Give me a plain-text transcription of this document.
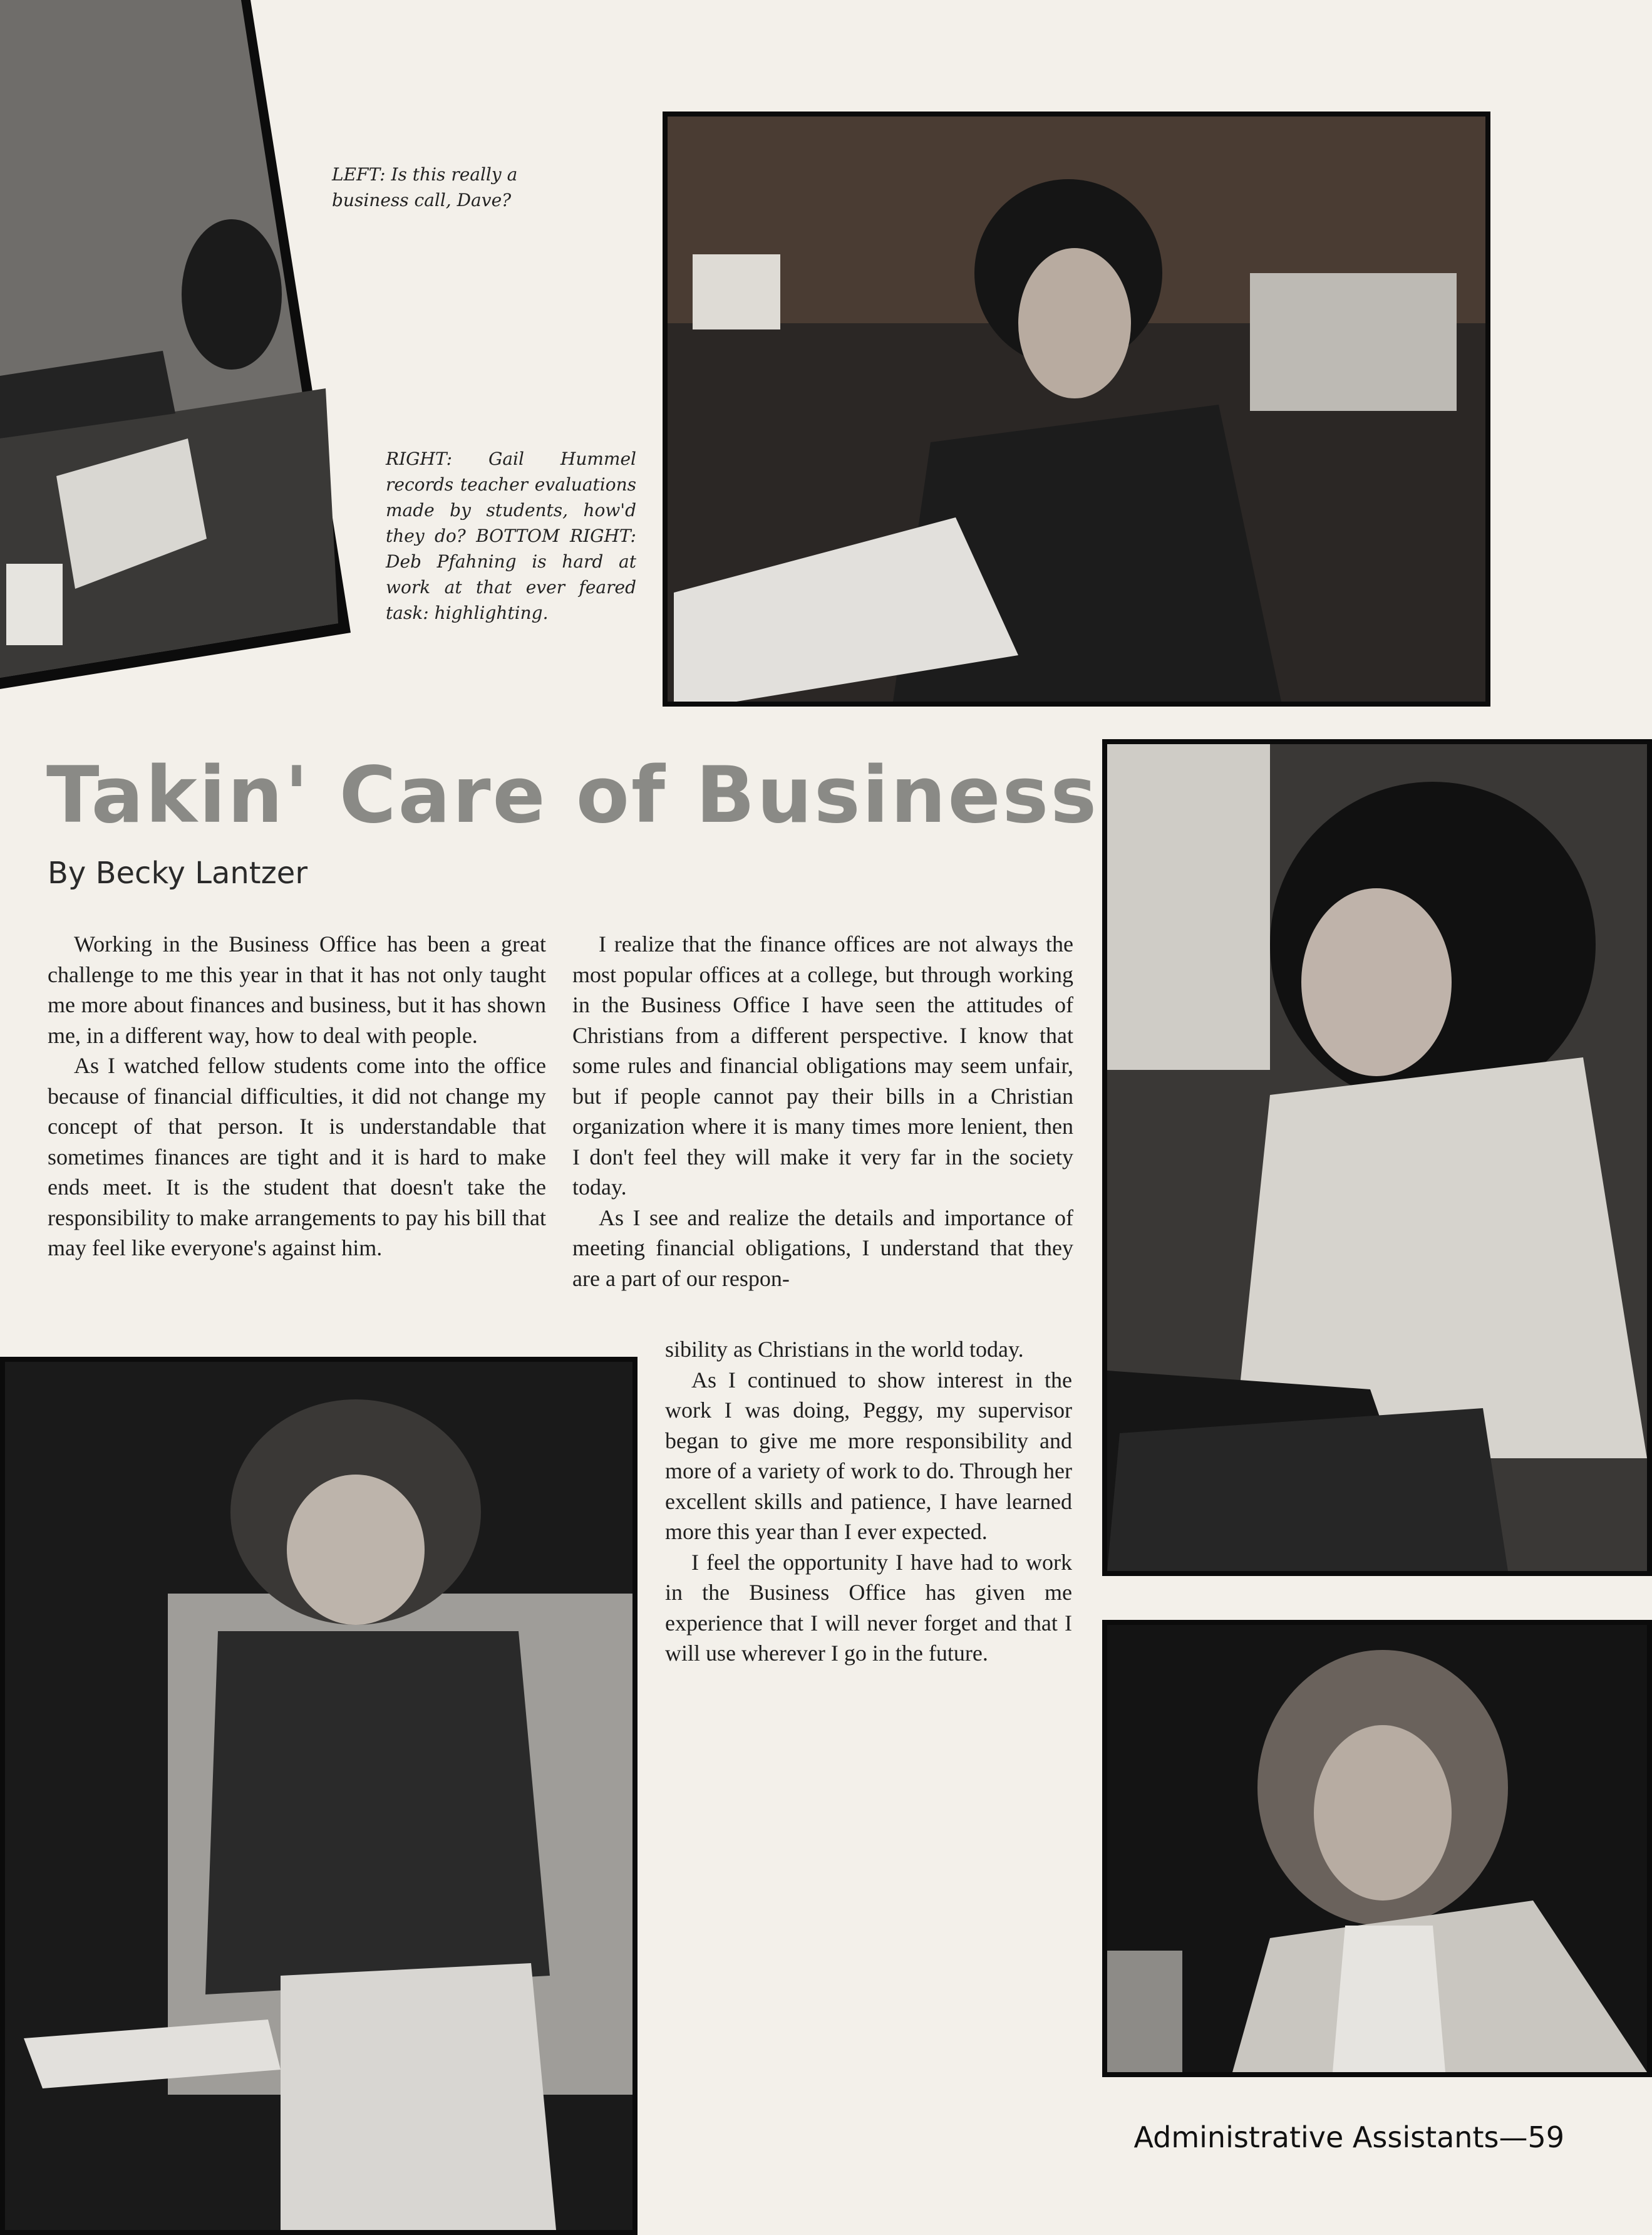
LEFT: Is this really a business call, Dave?
RIGHT: Gail Hummel records teacher evaluations made by students, how'd they do? BOTTOM RIGHT: Deb Pfahning is hard at work at that ever feared task: highlighting.
Takin' Care of Business
By Becky Lantzer

Working in the Business Office has been a great challenge to me this year in that it has not only taught me more about finances and business, but it has shown me, in a different way, how to deal with people.

As I watched fellow students come into the office because of financial difficulties, it did not change my concept of that person. It is understandable that sometimes finances are tight and it is hard to make ends meet. It is the student that doesn't take the responsibility to make arrangements to pay his bill that may feel like everyone's against him.

I realize that the finance offices are not always the most popular offices at a college, but through working in the Business Office I have seen the attitudes of Christians from a different perspective. I know that some rules and financial obligations may seem unfair, but if people cannot pay their bills in a Christian organization where it is many times more lenient, then I don't feel they will make it very far in the society today.

As I see and realize the details and importance of meeting financial obligations, I understand that they are a part of our respon-

sibility as Christians in the world today.

As I continued to show interest in the work I was doing, Peggy, my supervisor began to give me more responsibility and more of a variety of work to do. Through her excellent skills and patience, I have learned more this year than I ever expected.

I feel the opportunity I have had to work in the Business Office has given me experience that I will never forget and that I will use wherever I go in the future.

Administrative Assistants—59
